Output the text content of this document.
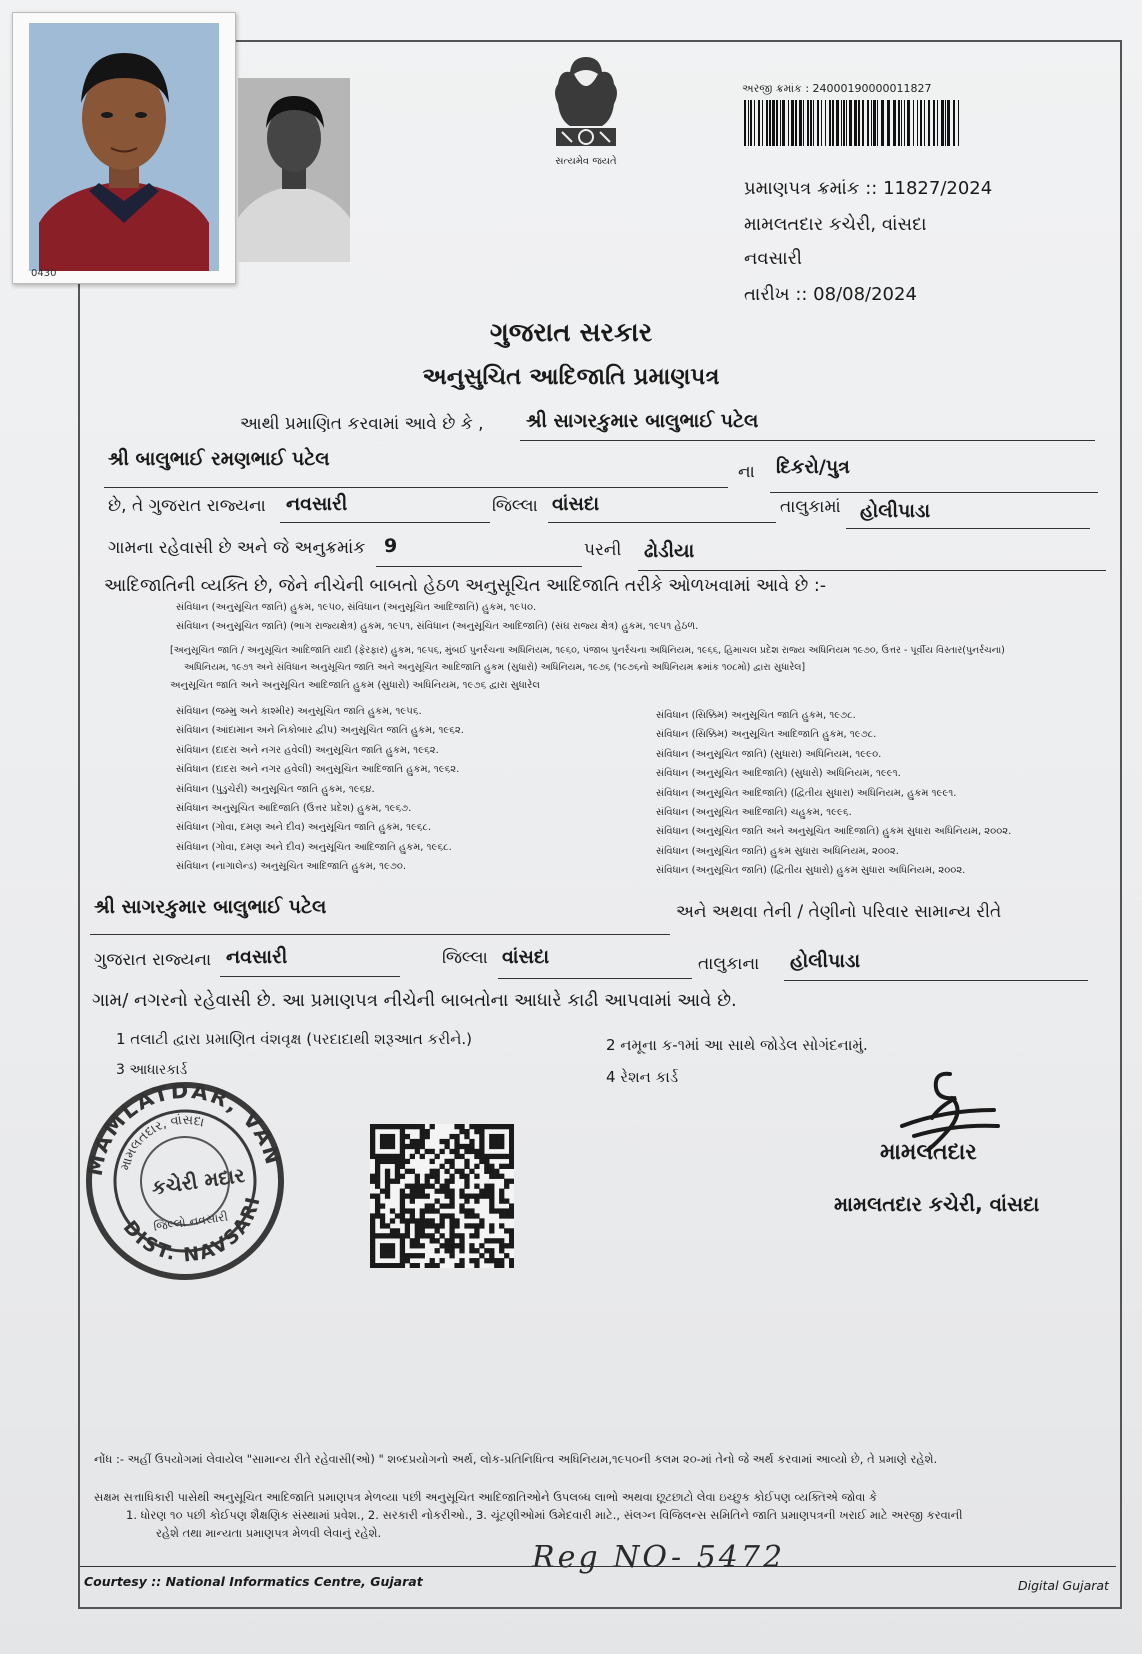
0430
સત્યમેવ જયતે
અરજી ક્રમાંક : 24000190000011827
પ્રમાણપત્ર ક્રમાંક :: 11827/2024
મામલતદાર કચેરી, વાંસદા
નવસારી
તારીખ :: 08/08/2024
ગુજરાત સરકાર
અનુસુચિત આદિજાતિ પ્રમાણપત્ર
આથી પ્રમાણિત કરવામાં આવે છે કે , શ્રી સાગરકુમાર બાલુભાઈ પટેલ
શ્રી બાલુભાઈ રમણભાઈ પટેલ
ના દિકરો/પુત્ર
છે, તે ગુજરાત રાજ્યના નવસારી	જિલ્લા વાંસદા	તાલુકામાં હોલીપાડા
ગામના રહેવાસી છે અને જે અનુક્રમાંક 9	પરની ઢોડીયા
આદિજાતિની વ્યક્તિ છે, જેને નીચેની બાબતો હેઠળ અનુસૂચિત આદિજાતિ તરીકે ઓળખવામાં આવે છે :-
સંવિધાન (અનુસૂચિત જાતિ) હુકમ, ૧૯૫૦, સંવિધાન (અનુસૂચિત આદિજાતિ) હુકમ, ૧૯૫૦.
સંવિધાન (અનુસૂચિત જાતિ) (ભાગ રાજ્યક્ષેત્ર) હુકમ, ૧૯૫૧, સંવિધાન (અનુસૂચિત આદિજાતિ) (સંઘ રાજ્ય ક્ષેત્ર) હુકમ, ૧૯૫૧ હેઠળ.
[અનુસૂચિત જાતિ / અનુસૂચિત આદિજાતિ યાદી (ફેરફાર) હુકમ, ૧૯૫૬, મુંબઈ પુનર્રચના અધિનિયમ, ૧૯૬૦, પંજાબ પુનર્રચના અધિનિયમ, ૧૯૬૬, હિમાચલ પ્રદેશ રાજ્ય અધિનિયમ ૧૯૭૦, ઉત્તર - પૂર્વીય વિસ્તાર(પુનર્રચના)
અધિનિયમ, ૧૯૭૧ અને સંવિધાન અનુસૂચિત જાતિ અને અનુસૂચિત આદિજાતિ હુકમ (સુધારો) અધિનિયમ, ૧૯૭૬ (૧૯૭૬નો અધિનિયમ ક્રમાંક ૧૦૮મો) દ્વારા સુધારેલ]
અનુસૂચિત જાતિ અને અનુસૂચિત આદિજાતિ હુકમ (સુધારો) અધિનિયમ, ૧૯૭૬ દ્વારા સુધારેલ
સંવિધાન (જમ્મુ અને કાશ્મીર) અનુસૂચિત જાતિ હુકમ, ૧૯૫૬.
સંવિધાન (આંદામાન અને નિકોબાર દ્વીપ) અનુસૂચિત જાતિ હુકમ, ૧૯૬૨.
સંવિધાન (દાદરા અને નગર હવેલી) અનુસૂચિત જાતિ હુકમ, ૧૯૬૨.
સંવિધાન (દાદરા અને નગર હવેલી) અનુસૂચિત આદિજાતિ હુકમ, ૧૯૬૨.
સંવિધાન (પુડુચેરી) અનુસૂચિત જાતિ હુકમ, ૧૯૬૪.
સંવિધાન અનુસૂચિત આદિજાતિ (ઉત્તર પ્રદેશ) હુકમ, ૧૯૬૭.
સંવિધાન (ગોવા, દમણ અને દીવ) અનુસૂચિત જાતિ હુકમ, ૧૯૬૮.
સંવિધાન (ગોવા, દમણ અને દીવ) અનુસૂચિત આદિજાતિ હુકમ, ૧૯૬૮.
સંવિધાન (નાગાલેન્ડ) અનુસૂચિત આદિજાતિ હુકમ, ૧૯૭૦.
સંવિધાન (સિક્કિમ) અનુસૂચિત જાતિ હુકમ, ૧૯૭૮.
સંવિધાન (સિક્કિમ) અનુસૂચિત આદિજાતિ હુકમ, ૧૯૭૮.
સંવિધાન (અનુસૂચિત જાતિ) (સુધારા) અધિનિયમ, ૧૯૯૦.
સંવિધાન (અનુસૂચિત આદિજાતિ) (સુધારો) અધિનિયમ, ૧૯૯૧.
સંવિધાન (અનુસૂચિત આદિજાતિ) (દ્વિતીય સુધારા) અધિનિયમ, હુકમ ૧૯૯૧.
સંવિધાન (અનુસૂચિત આદિજાતિ) ચહુકમ, ૧૯૯૬.
સંવિધાન (અનુસૂચિત જાતિ અને અનુસૂચિત આદિજાતિ) હુકમ સુધારા અધિનિયમ, ૨૦૦૨.
સંવિધાન (અનુસૂચિત જાતિ) હુકમ સુધારા અધિનિયમ, ૨૦૦૨.
સંવિધાન (અનુસૂચિત જાતિ) (દ્વિતીય સુધારો) હુકમ સુધારા અધિનિયમ, ૨૦૦૨.
શ્રી સાગરકુમાર બાલુભાઈ પટેલ	અને અથવા તેની / તેણીનો પરિવાર સામાન્ય રીતે
ગુજરાત રાજ્યના નવસારી	જિલ્લા વાંસદા	તાલુકાના હોલીપાડા
ગામ/ નગરનો રહેવાસી છે. આ પ્રમાણપત્ર નીચેની બાબતોના આધારે કાઢી આપવામાં આવે છે.
1 તલાટી દ્વારા પ્રમાણિત વંશવૃક્ષ (પરદાદાથી શરૂઆત કરીને.)	2 નમૂના ક-૧માં આ સાથે જોડેલ સોગંદનામું.
3 આધારકાર્ડ	4 રેશન કાર્ડ
MAMLATDAR, VANSDA
DIST. NAVSARI
મામલતદાર, વાંસદા
જિલ્લો નવસારી
કચેરી મદાર
મામલતદાર
મામલતદાર કચેરી, વાંસદા
નોંધ :- અહીં ઉપયોગમાં લેવાયેલ "સામાન્ય રીતે રહેવાસી(ઓ) " શબ્દપ્રયોગનો અર્થ, લોક-પ્રતિનિધિત્વ અધિનિયમ,૧૯૫૦ની કલમ ૨૦-માં તેનો જે અર્થ કરવામાં આવ્યો છે, તે પ્રમાણે રહેશે.
સક્ષમ સત્તાધિકારી પાસેથી અનુસૂચિત આદિજાતિ પ્રમાણપત્ર મેળવ્યા પછી અનુસૂચિત આદિજાતિઓને ઉપલબ્ધ લાભો અથવા છૂટછાટો લેવા ઇચ્છુક કોઈપણ વ્યક્તિએ જોવા કે
1. ધોરણ ૧૦ પછી કોઈપણ શૈક્ષણિક સંસ્થામાં પ્રવેશ., 2. સરકારી નોકરીઓ., 3. ચૂંટણીઓમાં ઉમેદવારી માટે., સંલગ્ન વિજિલન્સ સમિતિને જાતિ પ્રમાણપત્રની ખરાઈ માટે અરજી કરવાની
રહેશે તથા માન્યતા પ્રમાણપત્ર મેળવી લેવાનું રહેશે.
Reg NO- 5472
Courtesy :: National Informatics Centre, Gujarat	Digital Gujarat
